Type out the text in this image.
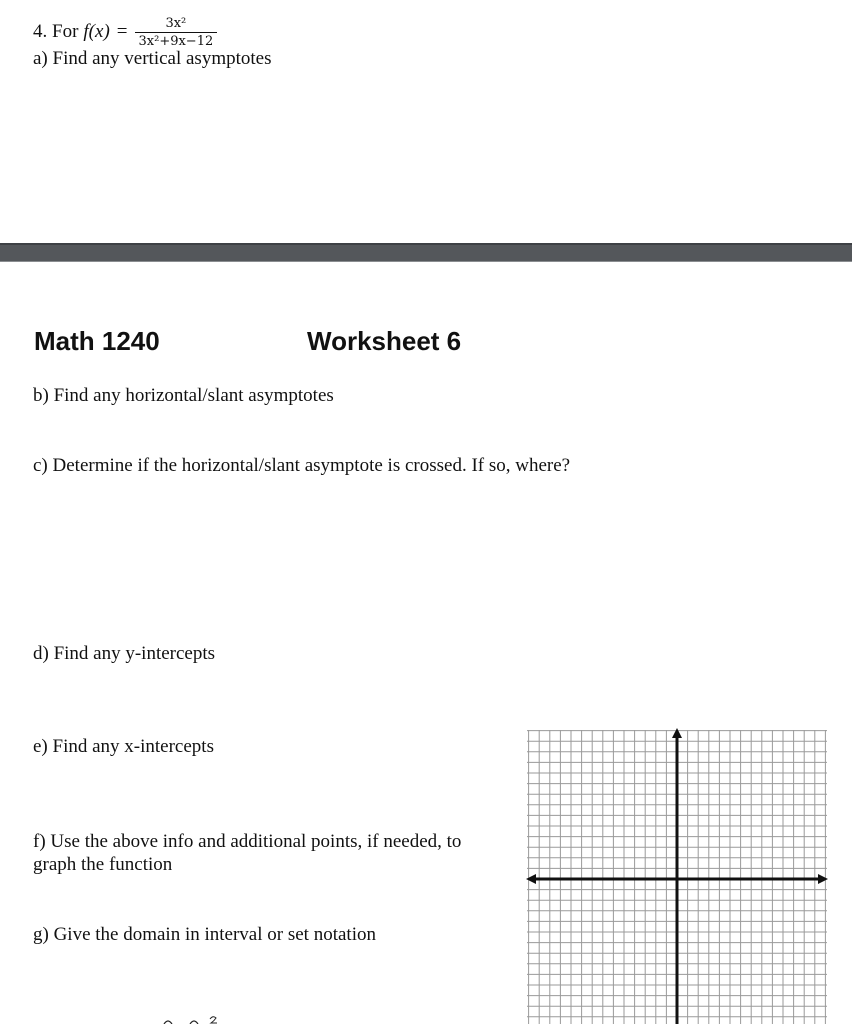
4. For $f(x) = \frac{\text{3x²}}{\text{3x²+9x−12}}$
a) Find any vertical asymptotes
Math 1240	Worksheet 6
b) Find any horizontal/slant asymptotes
c) Determine if the horizontal/slant asymptote is crossed. If so, where?
d) Find any y-intercepts
e) Find any x-intercepts
f) Use the above info and additional points, if needed, to
graph the function
g) Give the domain in interval or set notation
